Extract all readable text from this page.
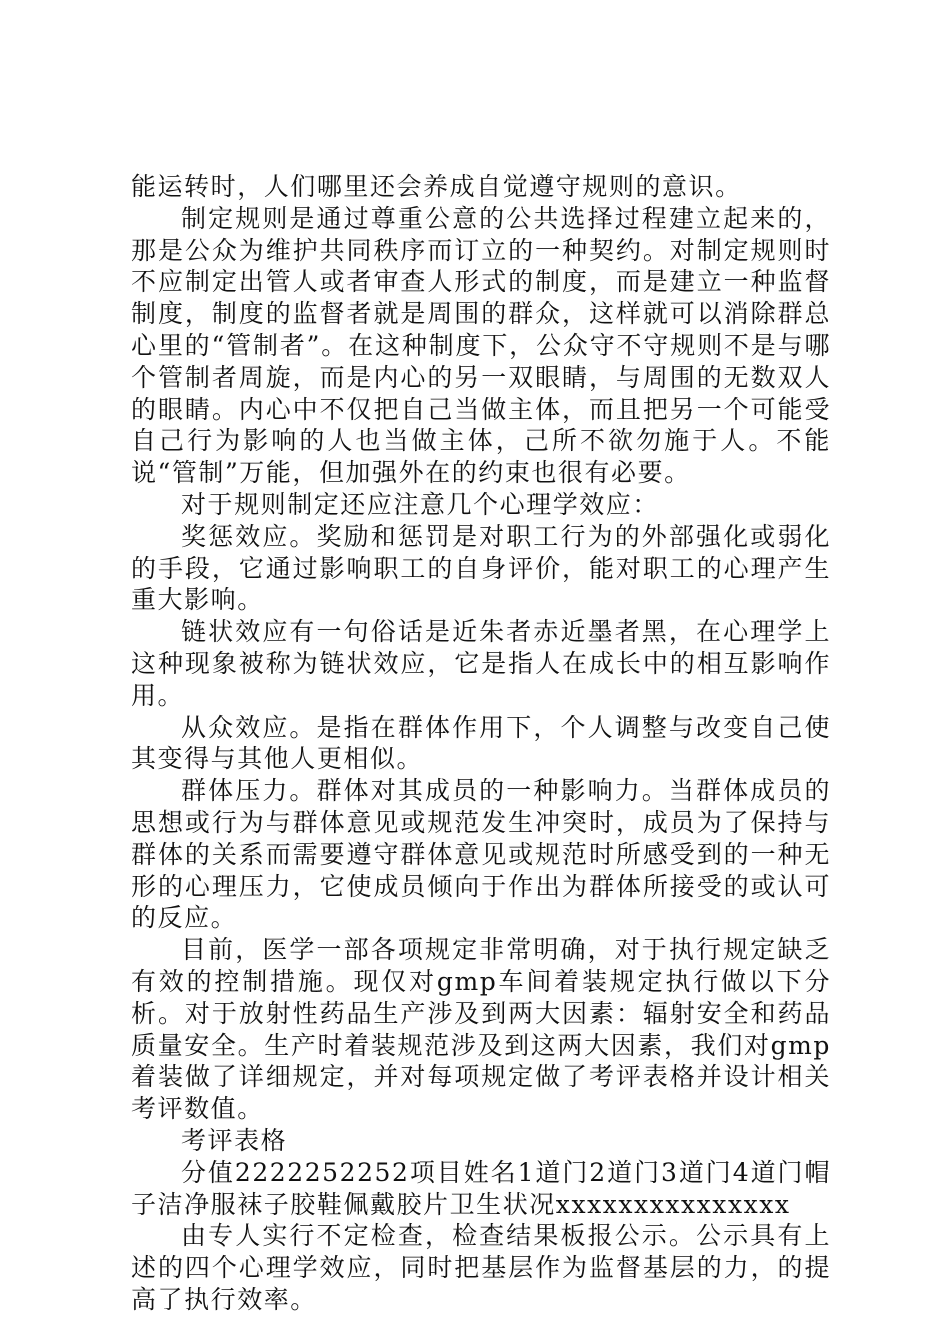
能运转时，人们哪里还会养成自觉遵守规则的意识。

制定规则是通过尊重公意的公共选择过程建立起来的，那是公众为维护共同秩序而订立的一种契约。对制定规则时不应制定出管人或者审查人形式的制度，而是建立一种监督制度，制度的监督者就是周围的群众，这样就可以消除群总心里的“管制者”。在这种制度下，公众守不守规则不是与哪个管制者周旋，而是内心的另一双眼睛，与周围的无数双人的眼睛。内心中不仅把自己当做主体，而且把另一个可能受自己行为影响的人也当做主体，己所不欲勿施于人。不能说“管制”万能，但加强外在的约束也很有必要。

对于规则制定还应注意几个心理学效应：

奖惩效应。奖励和惩罚是对职工行为的外部强化或弱化的手段，它通过影响职工的自身评价，能对职工的心理产生重大影响。

链状效应有一句俗话是近朱者赤近墨者黑，在心理学上这种现象被称为链状效应，它是指人在成长中的相互影响作用。

从众效应。是指在群体作用下，个人调整与改变自己使其变得与其他人更相似。

群体压力。群体对其成员的一种影响力。当群体成员的思想或行为与群体意见或规范发生冲突时，成员为了保持与群体的关系而需要遵守群体意见或规范时所感受到的一种无形的心理压力，它使成员倾向于作出为群体所接受的或认可的反应。

目前，医学一部各项规定非常明确，对于执行规定缺乏有效的控制措施。现仅对gmp车间着装规定执行做以下分析。对于放射性药品生产涉及到两大因素：辐射安全和药品质量安全。生产时着装规范涉及到这两大因素，我们对gmp着装做了详细规定，并对每项规定做了考评表格并设计相关考评数值。

考评表格

分值2222252252项目姓名1道门2道门3道门4道门帽子洁净服袜子胶鞋佩戴胶片卫生状况xxxxxxxxxxxxxxx

由专人实行不定检查，检查结果板报公示。公示具有上述的四个心理学效应，同时把基层作为监督基层的力，的提高了执行效率。
